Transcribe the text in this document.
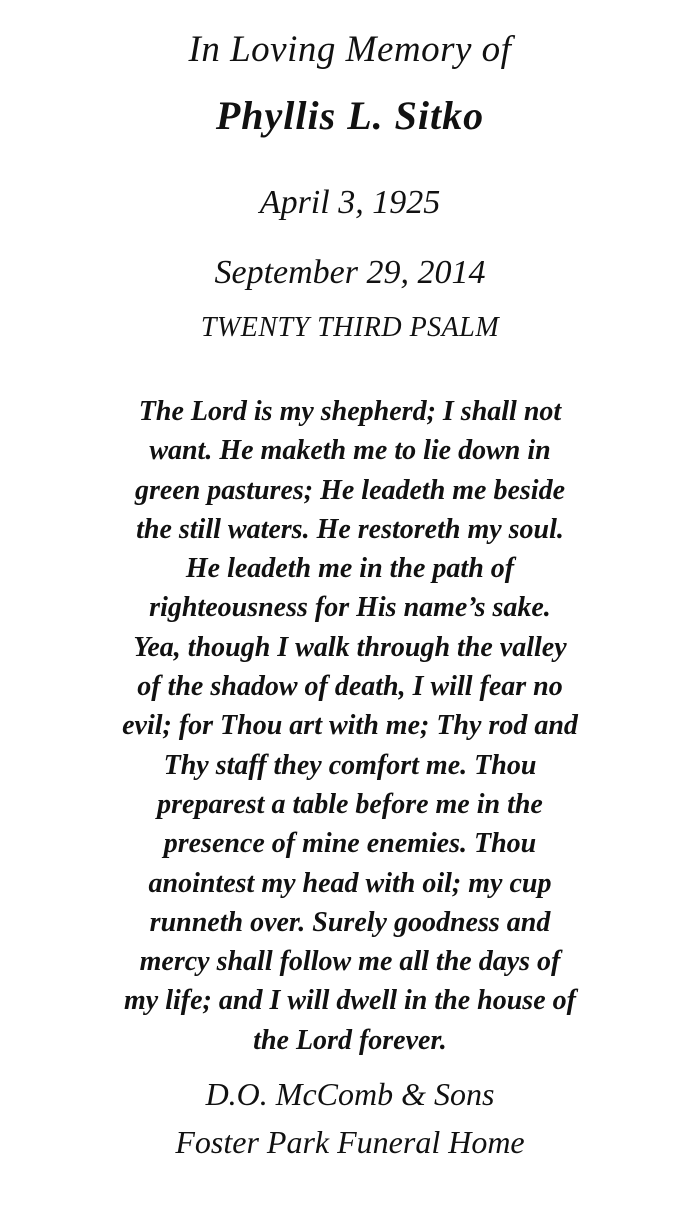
In Loving Memory of
Phyllis L. Sitko
April 3, 1925
September 29, 2014
TWENTY THIRD PSALM
The Lord is my shepherd; I shall not
want. He maketh me to lie down in
green pastures; He leadeth me beside
the still waters. He restoreth my soul.
He leadeth me in the path of
righteousness for His name’s sake.
Yea, though I walk through the valley
of the shadow of death, I will fear no
evil; for Thou art with me; Thy rod and
Thy staff they comfort me. Thou
preparest a table before me in the
presence of mine enemies. Thou
anointest my head with oil; my cup
runneth over. Surely goodness and
mercy shall follow me all the days of
my life; and I will dwell in the house of
the Lord forever.
D.O. McComb & Sons
Foster Park Funeral Home
